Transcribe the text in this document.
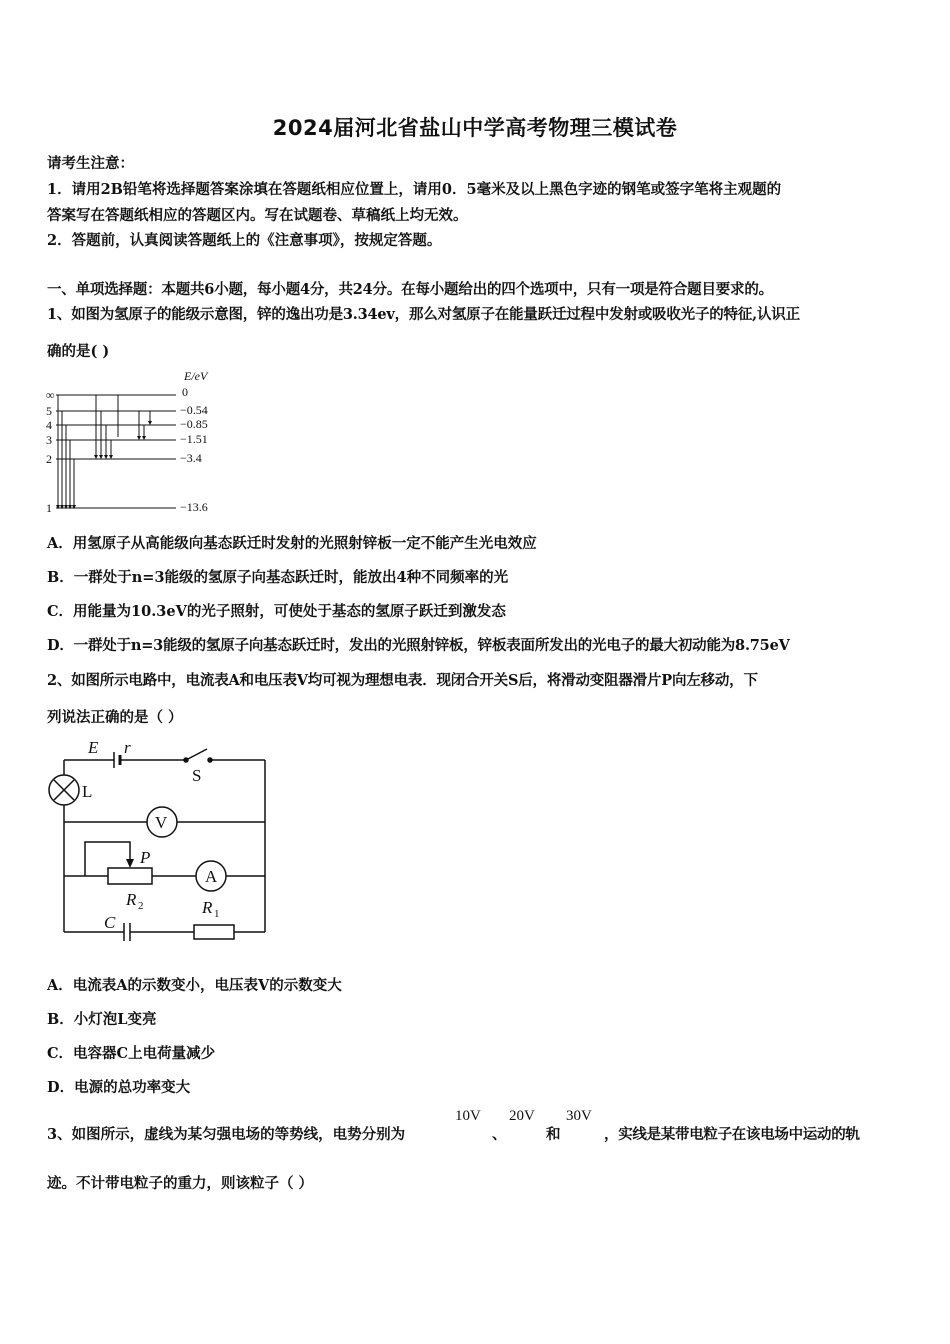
2024届河北省盐山中学高考物理三模试卷
请考生注意：
1．请用2B铅笔将选择题答案涂填在答题纸相应位置上，请用0．5毫米及以上黑色字迹的钢笔或签字笔将主观题的
答案写在答题纸相应的答题区内。写在试题卷、草稿纸上均无效。
2．答题前，认真阅读答题纸上的《注意事项》，按规定答题。
一、单项选择题：本题共6小题，每小题4分，共24分。在每小题给出的四个选项中，只有一项是符合题目要求的。
1、如图为氢原子的能级示意图，锌的逸出功是3.34ev，那么对氢原子在能量跃迁过程中发射或吸收光子的特征,认识正
确的是( )
E/eV
∞
5
4
3
2
1
0
−0.54
−0.85
−1.51
−3.4
−13.6
A．用氢原子从高能级向基态跃迁时发射的光照射锌板一定不能产生光电效应
B．一群处于n=3能级的氢原子向基态跃迁时，能放出4种不同频率的光
C．用能量为10.3eV的光子照射，可使处于基态的氢原子跃迁到激发态
D．一群处于n=3能级的氢原子向基态跃迁时，发出的光照射锌板，锌板表面所发出的光电子的最大初动能为8.75eV
2、如图所示电路中，电流表A和电压表V均可视为理想电表．现闭合开关S后，将滑动变阻器滑片P向左移动，下
列说法正确的是（ ）
E r
P
R	R
C
2
1
S
L
V
A
A．电流表A的示数变小，电压表V的示数变大
B．小灯泡L变亮
C．电容器C上电荷量减少
D．电源的总功率变大
3、如图所示，虚线为某匀强电场的等势线，电势分别为
10V
、
20V
和
30V
，实线是某带电粒子在该电场中运动的轨
迹。不计带电粒子的重力，则该粒子（ ）
